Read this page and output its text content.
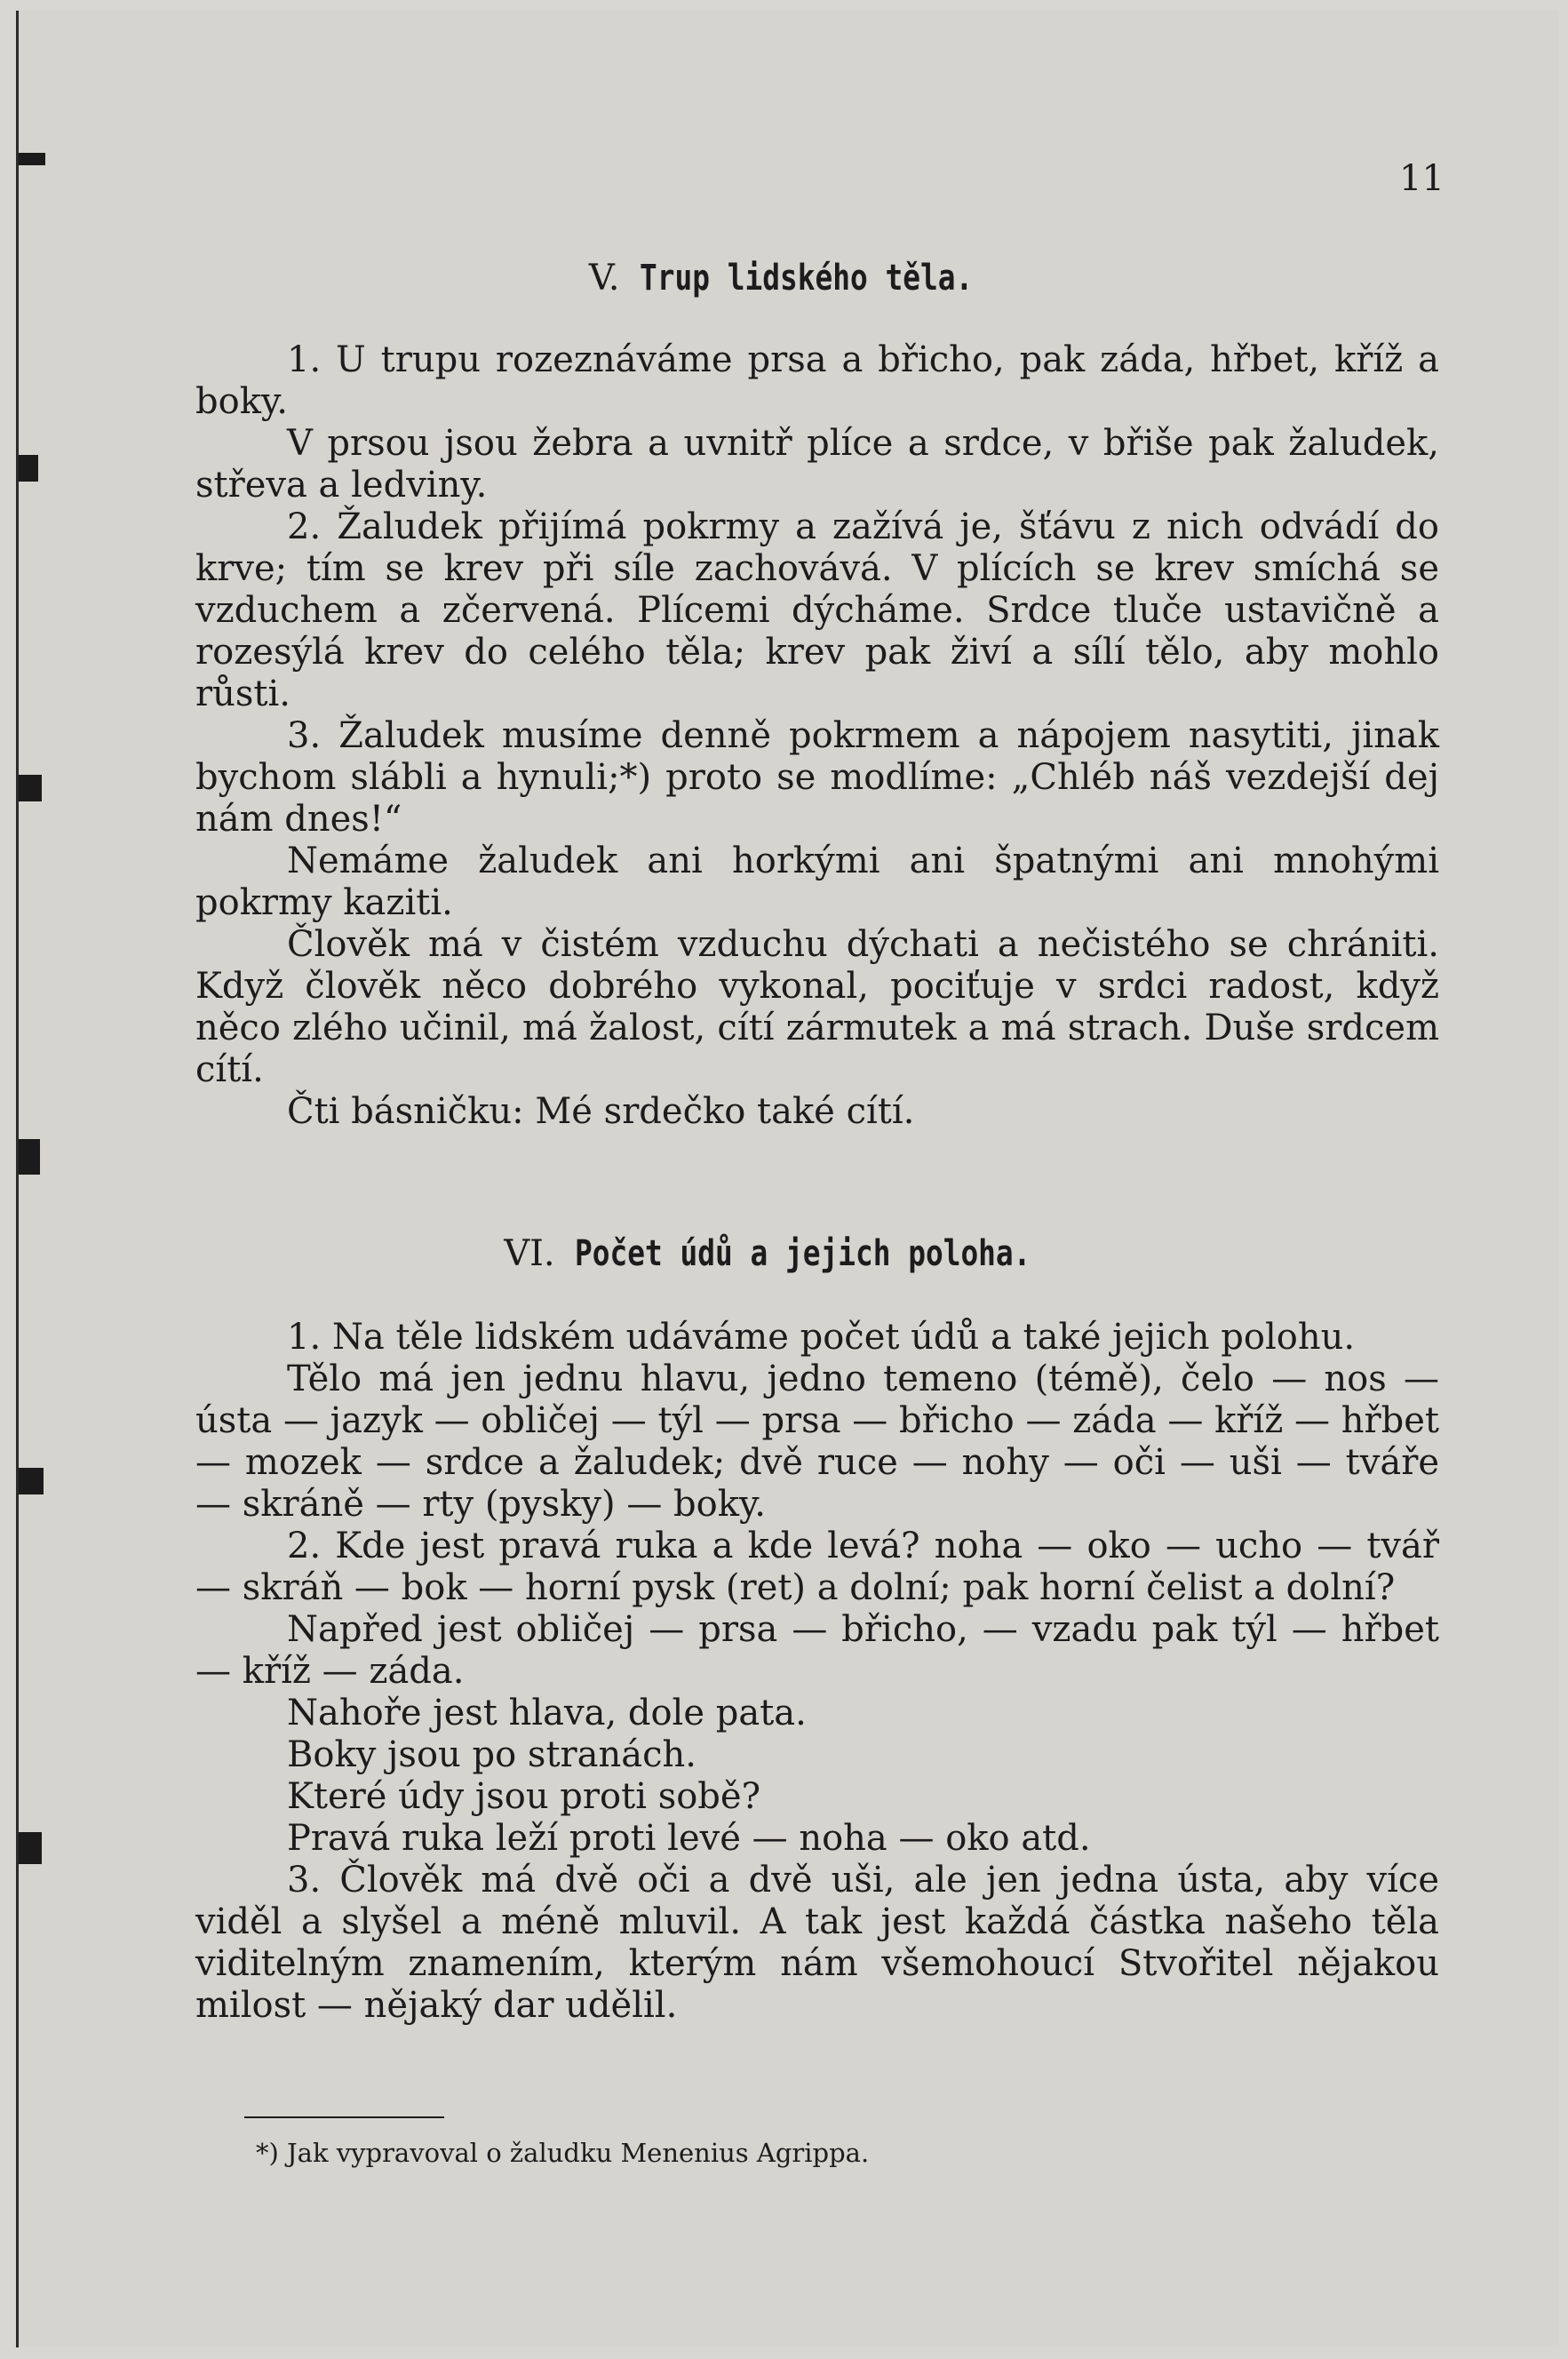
11
V. Trup lidského těla.

1. U trupu rozeznáváme prsa a břicho, pak záda, hřbet, kříž a boky.

V prsou jsou žebra a uvnitř plíce a srdce, v břiše pak žaludek, střeva a ledviny.

2. Žaludek přijímá pokrmy a zažívá je, šťávu z nich odvádí do krve; tím se krev při síle zachovává. V plících se krev smíchá se vzduchem a zčervená. Plícemi dýcháme. Srdce tluče ustavičně a rozesýlá krev do celého těla; krev pak živí a sílí tělo, aby mohlo růsti.

3. Žaludek musíme denně pokrmem a nápojem nasytiti, jinak bychom slábli a hynuli;*) proto se modlíme: „Chléb náš vezdejší dej nám dnes!“

Nemáme žaludek ani horkými ani špatnými ani mnohými pokrmy kaziti.

Člověk má v čistém vzduchu dýchati a nečistého se chrániti. Když člověk něco dobrého vykonal, pociťuje v srdci radost, když něco zlého učinil, má žalost, cítí zármutek a má strach. Duše srdcem cítí.

Čti básničku: Mé srdečko také cítí.

VI. Počet údů a jejich poloha.

1. Na těle lidském udáváme počet údů a také jejich polohu.

Tělo má jen jednu hlavu, jedno temeno (témě), čelo — nos — ústa — jazyk — obličej — týl — prsa — břicho — záda — kříž — hřbet — mozek — srdce a žaludek; dvě ruce — nohy — oči — uši — tváře — skráně — rty (pysky) — boky.

2. Kde jest pravá ruka a kde levá? noha — oko — ucho — tvář — skráň — bok — horní pysk (ret) a dolní; pak horní čelist a dolní?

Napřed jest obličej — prsa — břicho, — vzadu pak týl — hřbet — kříž — záda.

Nahoře jest hlava, dole pata.

Boky jsou po stranách.

Které údy jsou proti sobě?

Pravá ruka leží proti levé — noha — oko atd.

3. Člověk má dvě oči a dvě uši, ale jen jedna ústa, aby více viděl a slyšel a méně mluvil. A tak jest každá částka našeho těla viditelným znamením, kterým nám všemohoucí Stvořitel nějakou milost — nějaký dar udělil.

*) Jak vypravoval o žaludku Menenius Agrippa.
